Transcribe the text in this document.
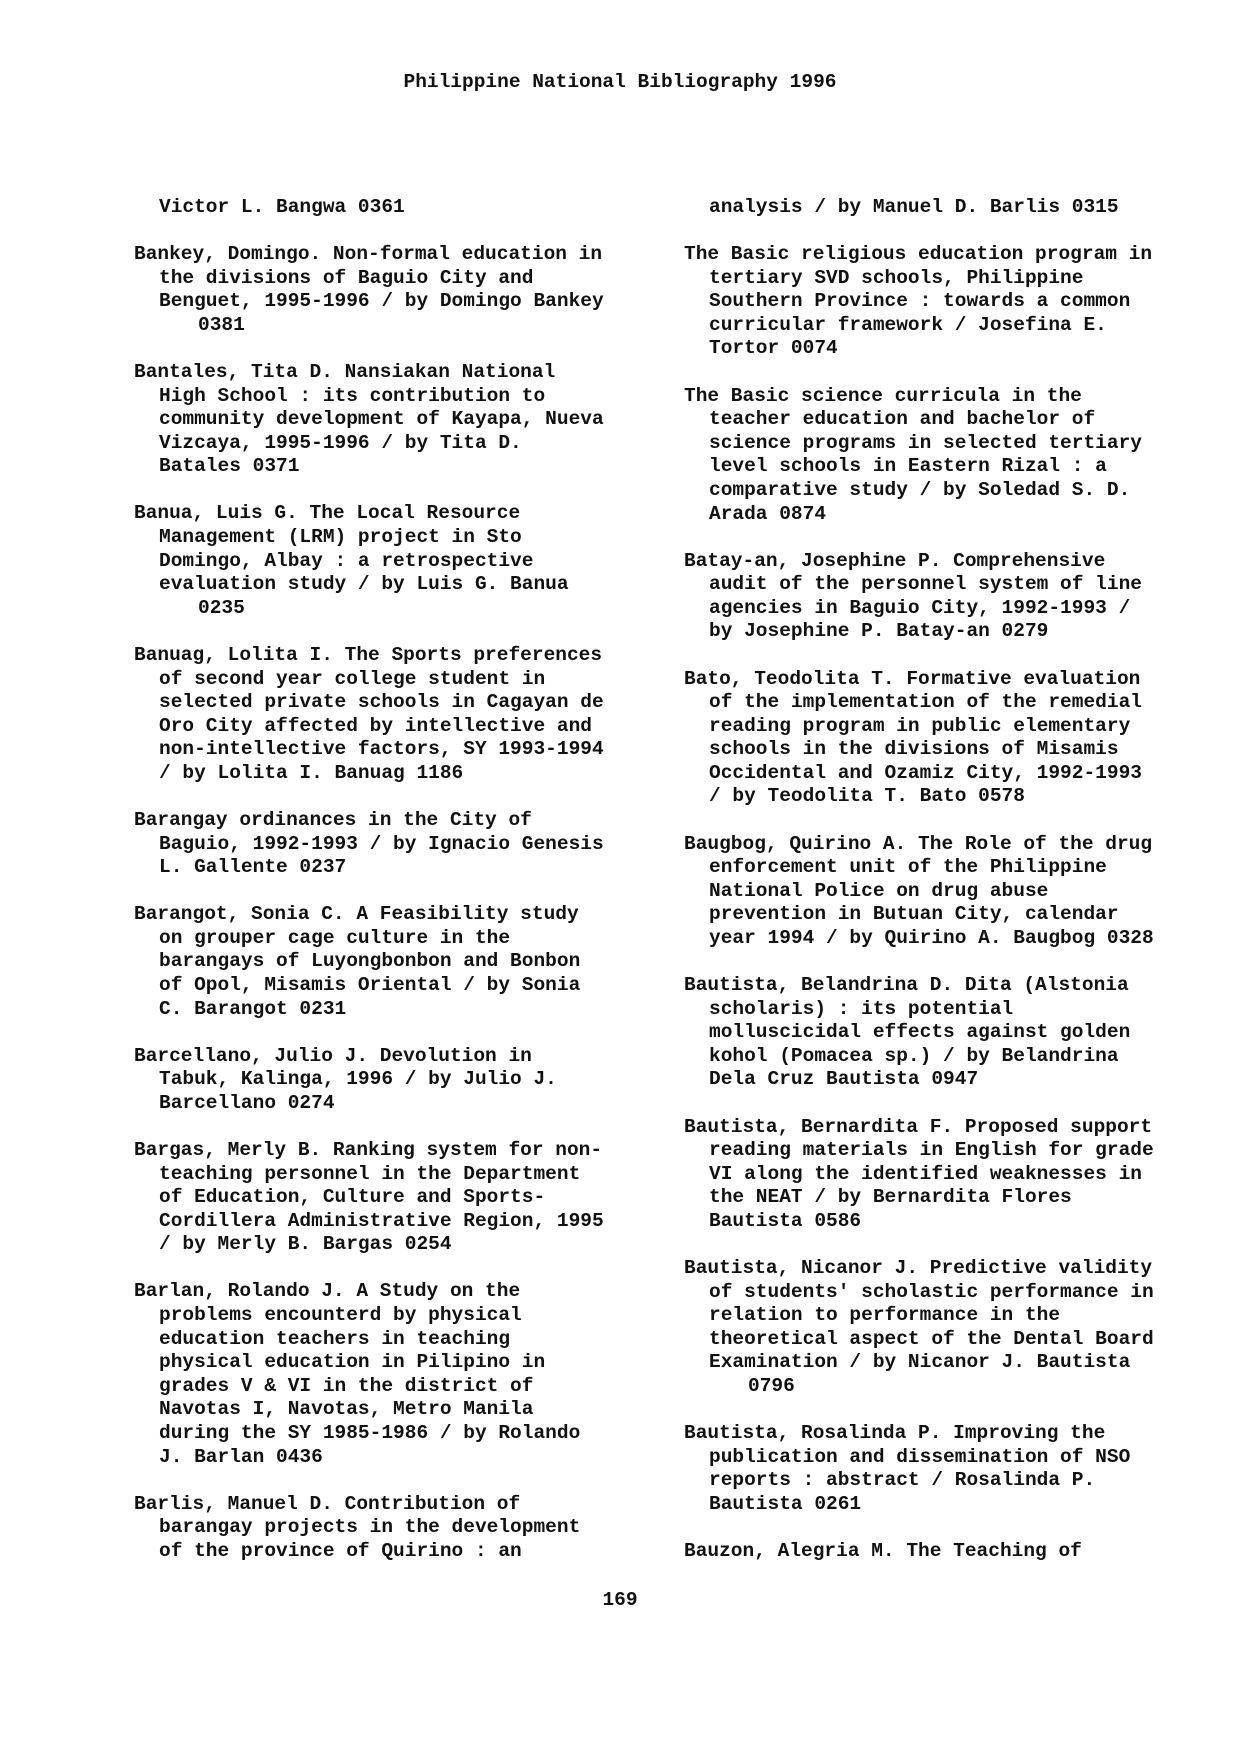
Philippine National Bibliography 1996
Victor L. Bangwa 0361
Bankey, Domingo. Non-formal education in
the divisions of Baguio City and
Benguet, 1995-1996 / by Domingo Bankey
0381
Bantales, Tita D. Nansiakan National
High School : its contribution to
community development of Kayapa, Nueva
Vizcaya, 1995-1996 / by Tita D.
Batales 0371
Banua, Luis G. The Local Resource
Management (LRM) project in Sto
Domingo, Albay : a retrospective
evaluation study / by Luis G. Banua
0235
Banuag, Lolita I. The Sports preferences
of second year college student in
selected private schools in Cagayan de
Oro City affected by intellective and
non-intellective factors, SY 1993-1994
/ by Lolita I. Banuag 1186
Barangay ordinances in the City of
Baguio, 1992-1993 / by Ignacio Genesis
L. Gallente 0237
Barangot, Sonia C. A Feasibility study
on grouper cage culture in the
barangays of Luyongbonbon and Bonbon
of Opol, Misamis Oriental / by Sonia
C. Barangot 0231
Barcellano, Julio J. Devolution in
Tabuk, Kalinga, 1996 / by Julio J.
Barcellano 0274
Bargas, Merly B. Ranking system for non-
teaching personnel in the Department
of Education, Culture and Sports-
Cordillera Administrative Region, 1995
/ by Merly B. Bargas 0254
Barlan, Rolando J. A Study on the
problems encounterd by physical
education teachers in teaching
physical education in Pilipino in
grades V & VI in the district of
Navotas I, Navotas, Metro Manila
during the SY 1985-1986 / by Rolando
J. Barlan 0436
Barlis, Manuel D. Contribution of
barangay projects in the development
of the province of Quirino : an
analysis / by Manuel D. Barlis 0315
The Basic religious education program in
tertiary SVD schools, Philippine
Southern Province : towards a common
curricular framework / Josefina E.
Tortor 0074
The Basic science curricula in the
teacher education and bachelor of
science programs in selected tertiary
level schools in Eastern Rizal : a
comparative study / by Soledad S. D.
Arada 0874
Batay-an, Josephine P. Comprehensive
audit of the personnel system of line
agencies in Baguio City, 1992-1993 /
by Josephine P. Batay-an 0279
Bato, Teodolita T. Formative evaluation
of the implementation of the remedial
reading program in public elementary
schools in the divisions of Misamis
Occidental and Ozamiz City, 1992-1993
/ by Teodolita T. Bato 0578
Baugbog, Quirino A. The Role of the drug
enforcement unit of the Philippine
National Police on drug abuse
prevention in Butuan City, calendar
year 1994 / by Quirino A. Baugbog 0328
Bautista, Belandrina D. Dita (Alstonia
scholaris) : its potential
molluscicidal effects against golden
kohol (Pomacea sp.) / by Belandrina
Dela Cruz Bautista 0947
Bautista, Bernardita F. Proposed support
reading materials in English for grade
VI along the identified weaknesses in
the NEAT / by Bernardita Flores
Bautista 0586
Bautista, Nicanor J. Predictive validity
of students' scholastic performance in
relation to performance in the
theoretical aspect of the Dental Board
Examination / by Nicanor J. Bautista
0796
Bautista, Rosalinda P. Improving the
publication and dissemination of NSO
reports : abstract / Rosalinda P.
Bautista 0261
Bauzon, Alegria M. The Teaching of
169
